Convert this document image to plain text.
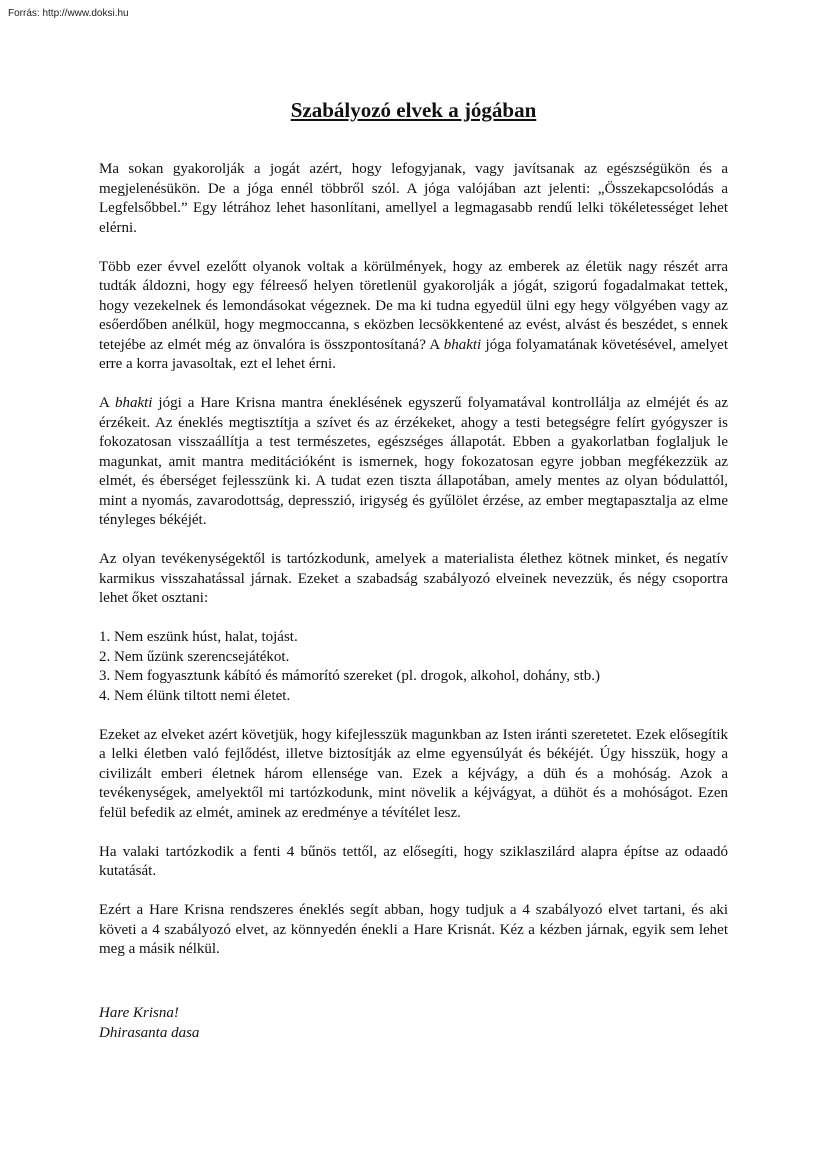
Forrás: http://www.doksi.hu
Szabályozó elvek a jógában

Ma sokan gyakorolják a jogát azért, hogy lefogyjanak, vagy javítsanak az egészségükön és a megjelenésükön. De a jóga ennél többről szól. A jóga valójában azt jelenti: „Összekapcsolódás a Legfelsőbbel.” Egy létrához lehet hasonlítani, amellyel a legmagasabb rendű lelki tökéletességet lehet elérni.

Több ezer évvel ezelőtt olyanok voltak a körülmények, hogy az emberek az életük nagy részét arra tudták áldozni, hogy egy félreeső helyen töretlenül gyakorolják a jógát, szigorú fogadalmakat tettek, hogy vezekelnek és lemondásokat végeznek. De ma ki tudna egyedül ülni egy hegy völgyében vagy az esőerdőben anélkül, hogy megmoccanna, s eközben lecsökkentené az evést, alvást és beszédet, s ennek tetejébe az elmét még az önvalóra is összpontosítaná? A bhakti jóga folyamatának követésével, amelyet erre a korra javasoltak, ezt el lehet érni.

A bhakti jógi a Hare Krisna mantra éneklésének egyszerű folyamatával kontrollálja az elméjét és az érzékeit. Az éneklés megtisztítja a szívet és az érzékeket, ahogy a testi betegségre felírt gyógyszer is fokozatosan visszaállítja a test természetes, egészséges állapotát. Ebben a gyakorlatban foglaljuk le magunkat, amit mantra meditációként is ismernek, hogy fokozatosan egyre jobban megfékezzük az elmét, és éberséget fejlesszünk ki. A tudat ezen tiszta állapotában, amely mentes az olyan bódulattól, mint a nyomás, zavarodottság, depresszió, irigység és gyűlölet érzése, az ember megtapasztalja az elme tényleges békéjét.

Az olyan tevékenységektől is tartózkodunk, amelyek a materialista élethez kötnek minket, és negatív karmikus visszahatással járnak. Ezeket a szabadság szabályozó elveinek nevezzük, és négy csoportra lehet őket osztani:

1. Nem eszünk húst, halat, tojást.
2. Nem űzünk szerencsejátékot.
3. Nem fogyasztunk kábító és mámorító szereket (pl. drogok, alkohol, dohány, stb.)
4. Nem élünk tiltott nemi életet.

Ezeket az elveket azért követjük, hogy kifejlesszük magunkban az Isten iránti szeretetet. Ezek elősegítik a lelki életben való fejlődést, illetve biztosítják az elme egyensúlyát és békéjét. Úgy hisszük, hogy a civilizált emberi életnek három ellensége van. Ezek a kéjvágy, a düh és a mohóság. Azok a tevékenységek, amelyektől mi tartózkodunk, mint növelik a kéjvágyat, a dühöt és a mohóságot. Ezen felül befedik az elmét, aminek az eredménye a tévítélet lesz.

Ha valaki tartózkodik a fenti 4 bűnös tettől, az elősegíti, hogy sziklaszilárd alapra építse az odaadó kutatását.

Ezért a Hare Krisna rendszeres éneklés segít abban, hogy tudjuk a 4 szabályozó elvet tartani, és aki követi a 4 szabályozó elvet, az könnyedén énekli a Hare Krisnát. Kéz a kézben járnak, egyik sem lehet meg a másik nélkül.

Hare Krisna!
Dhirasanta dasa
